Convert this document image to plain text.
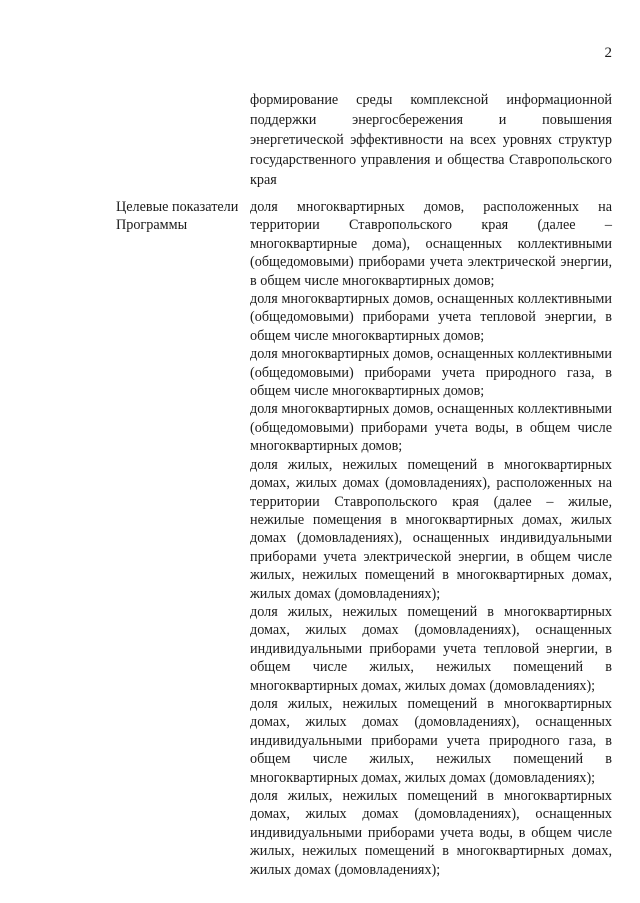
2
формирование среды комплексной информационной поддержки энергосбережения и повышения энергетической эффективности на всех уровнях структур государственного управления и общества Ставропольского края
Целевые показатели Программы

доля многоквартирных домов, расположенных на территории Ставропольского края (далее – многоквартирные дома), оснащенных коллективными (общедомовыми) приборами учета электрической энергии, в общем числе многоквартирных домов;

доля многоквартирных домов, оснащенных коллективными (общедомовыми) приборами учета тепловой энергии, в общем числе многоквартирных домов;

доля многоквартирных домов, оснащенных коллективными (общедомовыми) приборами учета природного газа, в общем числе многоквартирных домов;

доля многоквартирных домов, оснащенных коллективными (общедомовыми) приборами учета воды, в общем числе многоквартирных домов;

доля жилых, нежилых помещений в многоквартирных домах, жилых домах (домовладениях), расположенных на территории Ставропольского края (далее – жилые, нежилые помещения в многоквартирных домах, жилых домах (домовладениях), оснащенных индивидуальными приборами учета электрической энергии, в общем числе жилых, нежилых помещений в многоквартирных домах, жилых домах (домовладениях);

доля жилых, нежилых помещений в многоквартирных домах, жилых домах (домовладениях), оснащенных индивидуальными приборами учета тепловой энергии, в общем числе жилых, нежилых помещений в многоквартирных домах, жилых домах (домовладениях);

доля жилых, нежилых помещений в многоквартирных домах, жилых домах (домовладениях), оснащенных индивидуальными приборами учета природного газа, в общем числе жилых, нежилых помещений в многоквартирных домах, жилых домах (домовладениях);

доля жилых, нежилых помещений в многоквартирных домах, жилых домах (домовладениях), оснащенных индивидуальными приборами учета воды, в общем числе жилых, нежилых помещений в многоквартирных домах, жилых домах (домовладениях);
